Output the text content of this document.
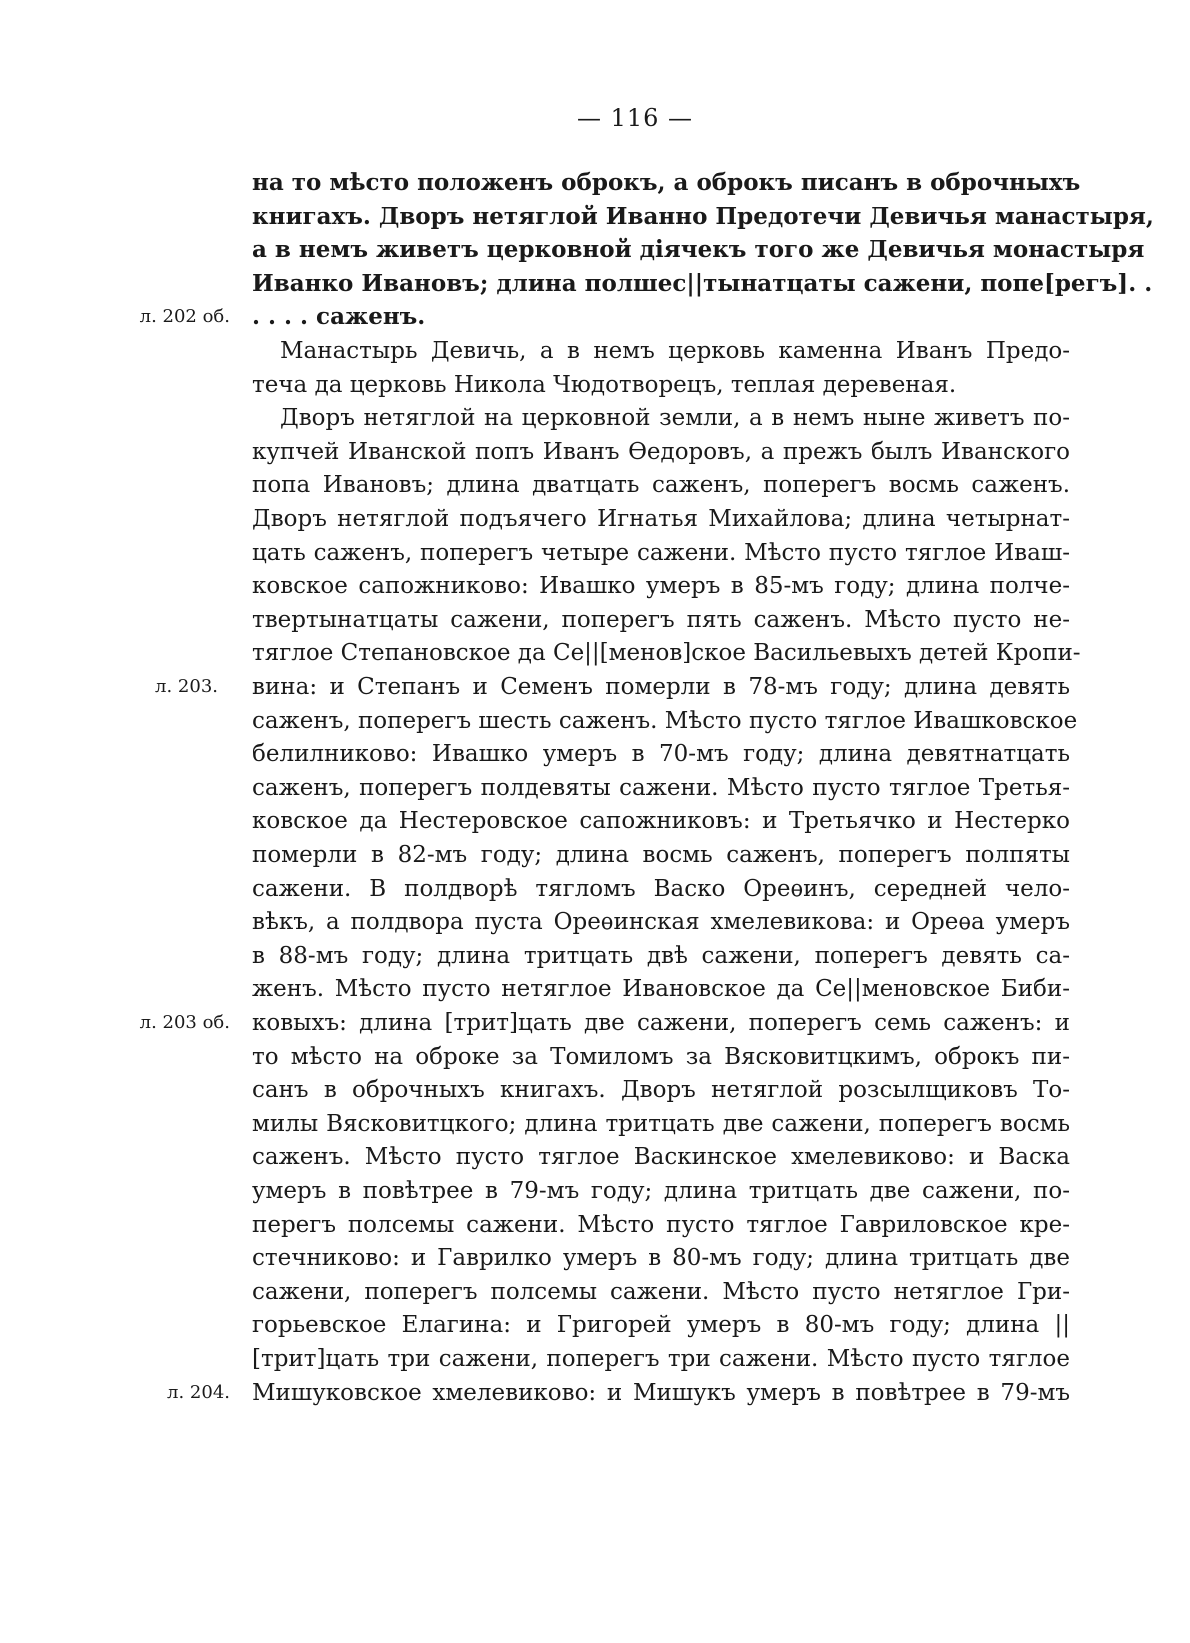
— 116 —
л. 202 об.
л. 203.
л. 203 об.
л. 204.
на то мѣсто положенъ оброкъ, а оброкъ писанъ в оброчныхъ
книгахъ. Дворъ нетяглой Иванно Предотечи Девичья манастыря,
а в немъ живетъ церковной дiячекъ того же Девичья монастыря
Иванко Ивановъ; длина полшес||тынатцаты сажени, попе[регъ]. .
. . . . саженъ.
Манастырь Девичь, а в немъ церковь каменна Иванъ Предо-
теча да церковь Никола Чюдотворецъ, теплая деревеная.
Дворъ нетяглой на церковной земли, а в немъ ныне живетъ по-
купчей Иванской попъ Иванъ Ѳедоровъ, а прежъ былъ Иванского
попа Ивановъ; длина дватцать саженъ, поперегъ восмь саженъ.
Дворъ нетяглой подъячего Игнатья Михайлова; длина четырнат-
цать саженъ, поперегъ четыре сажени. Мѣсто пусто тяглое Иваш-
ковское сапожниково: Ивашко умеръ в 85-мъ году; длина полче-
твертынатцаты сажени, поперегъ пять саженъ. Мѣсто пусто не-
тяглое Степановское да Се||[менов]ское Васильевыхъ детей Кропи-
вина: и Степанъ и Семенъ померли в 78-мъ году; длина девять
саженъ, поперегъ шесть саженъ. Мѣсто пусто тяглое Ивашковское
белилниково: Ивашко умеръ в 70-мъ году; длина девятнатцать
саженъ, поперегъ полдевяты сажени. Мѣсто пусто тяглое Третья-
ковское да Нестеровское сапожниковъ: и Третьячко и Нестерко
померли в 82-мъ году; длина восмь саженъ, поперегъ полпяты
сажени. В полдворѣ тягломъ Васко Ореѳинъ, середней чело-
вѣкъ, а полдвора пуста Ореѳинская хмелевикова: и Ореѳа умеръ
в 88-мъ году; длина тритцать двѣ сажени, поперегъ девять са-
женъ. Мѣсто пусто нетяглое Ивановское да Се||меновское Биби-
ковыхъ: длина [трит]цать две сажени, поперегъ семь саженъ: и
то мѣсто на оброке за Томиломъ за Вясковитцкимъ, оброкъ пи-
санъ в оброчныхъ книгахъ. Дворъ нетяглой розсылщиковъ То-
милы Вясковитцкого; длина тритцать две сажени, поперегъ восмь
саженъ. Мѣсто пусто тяглое Васкинское хмелевиково: и Васка
умеръ в повѣтрее в 79-мъ году; длина тритцать две сажени, по-
перегъ полсемы сажени. Мѣсто пусто тяглое Гавриловское кре-
стечниково: и Гаврилко умеръ в 80-мъ году; длина тритцать две
сажени, поперегъ полсемы сажени. Мѣсто пусто нетяглое Гри-
горьевское Елагина: и Григорей умеръ в 80-мъ году; длина ||
[трит]цать три сажени, поперегъ три сажени. Мѣсто пусто тяглое
Мишуковское хмелевиково: и Мишукъ умеръ в повѣтрее в 79-мъ
